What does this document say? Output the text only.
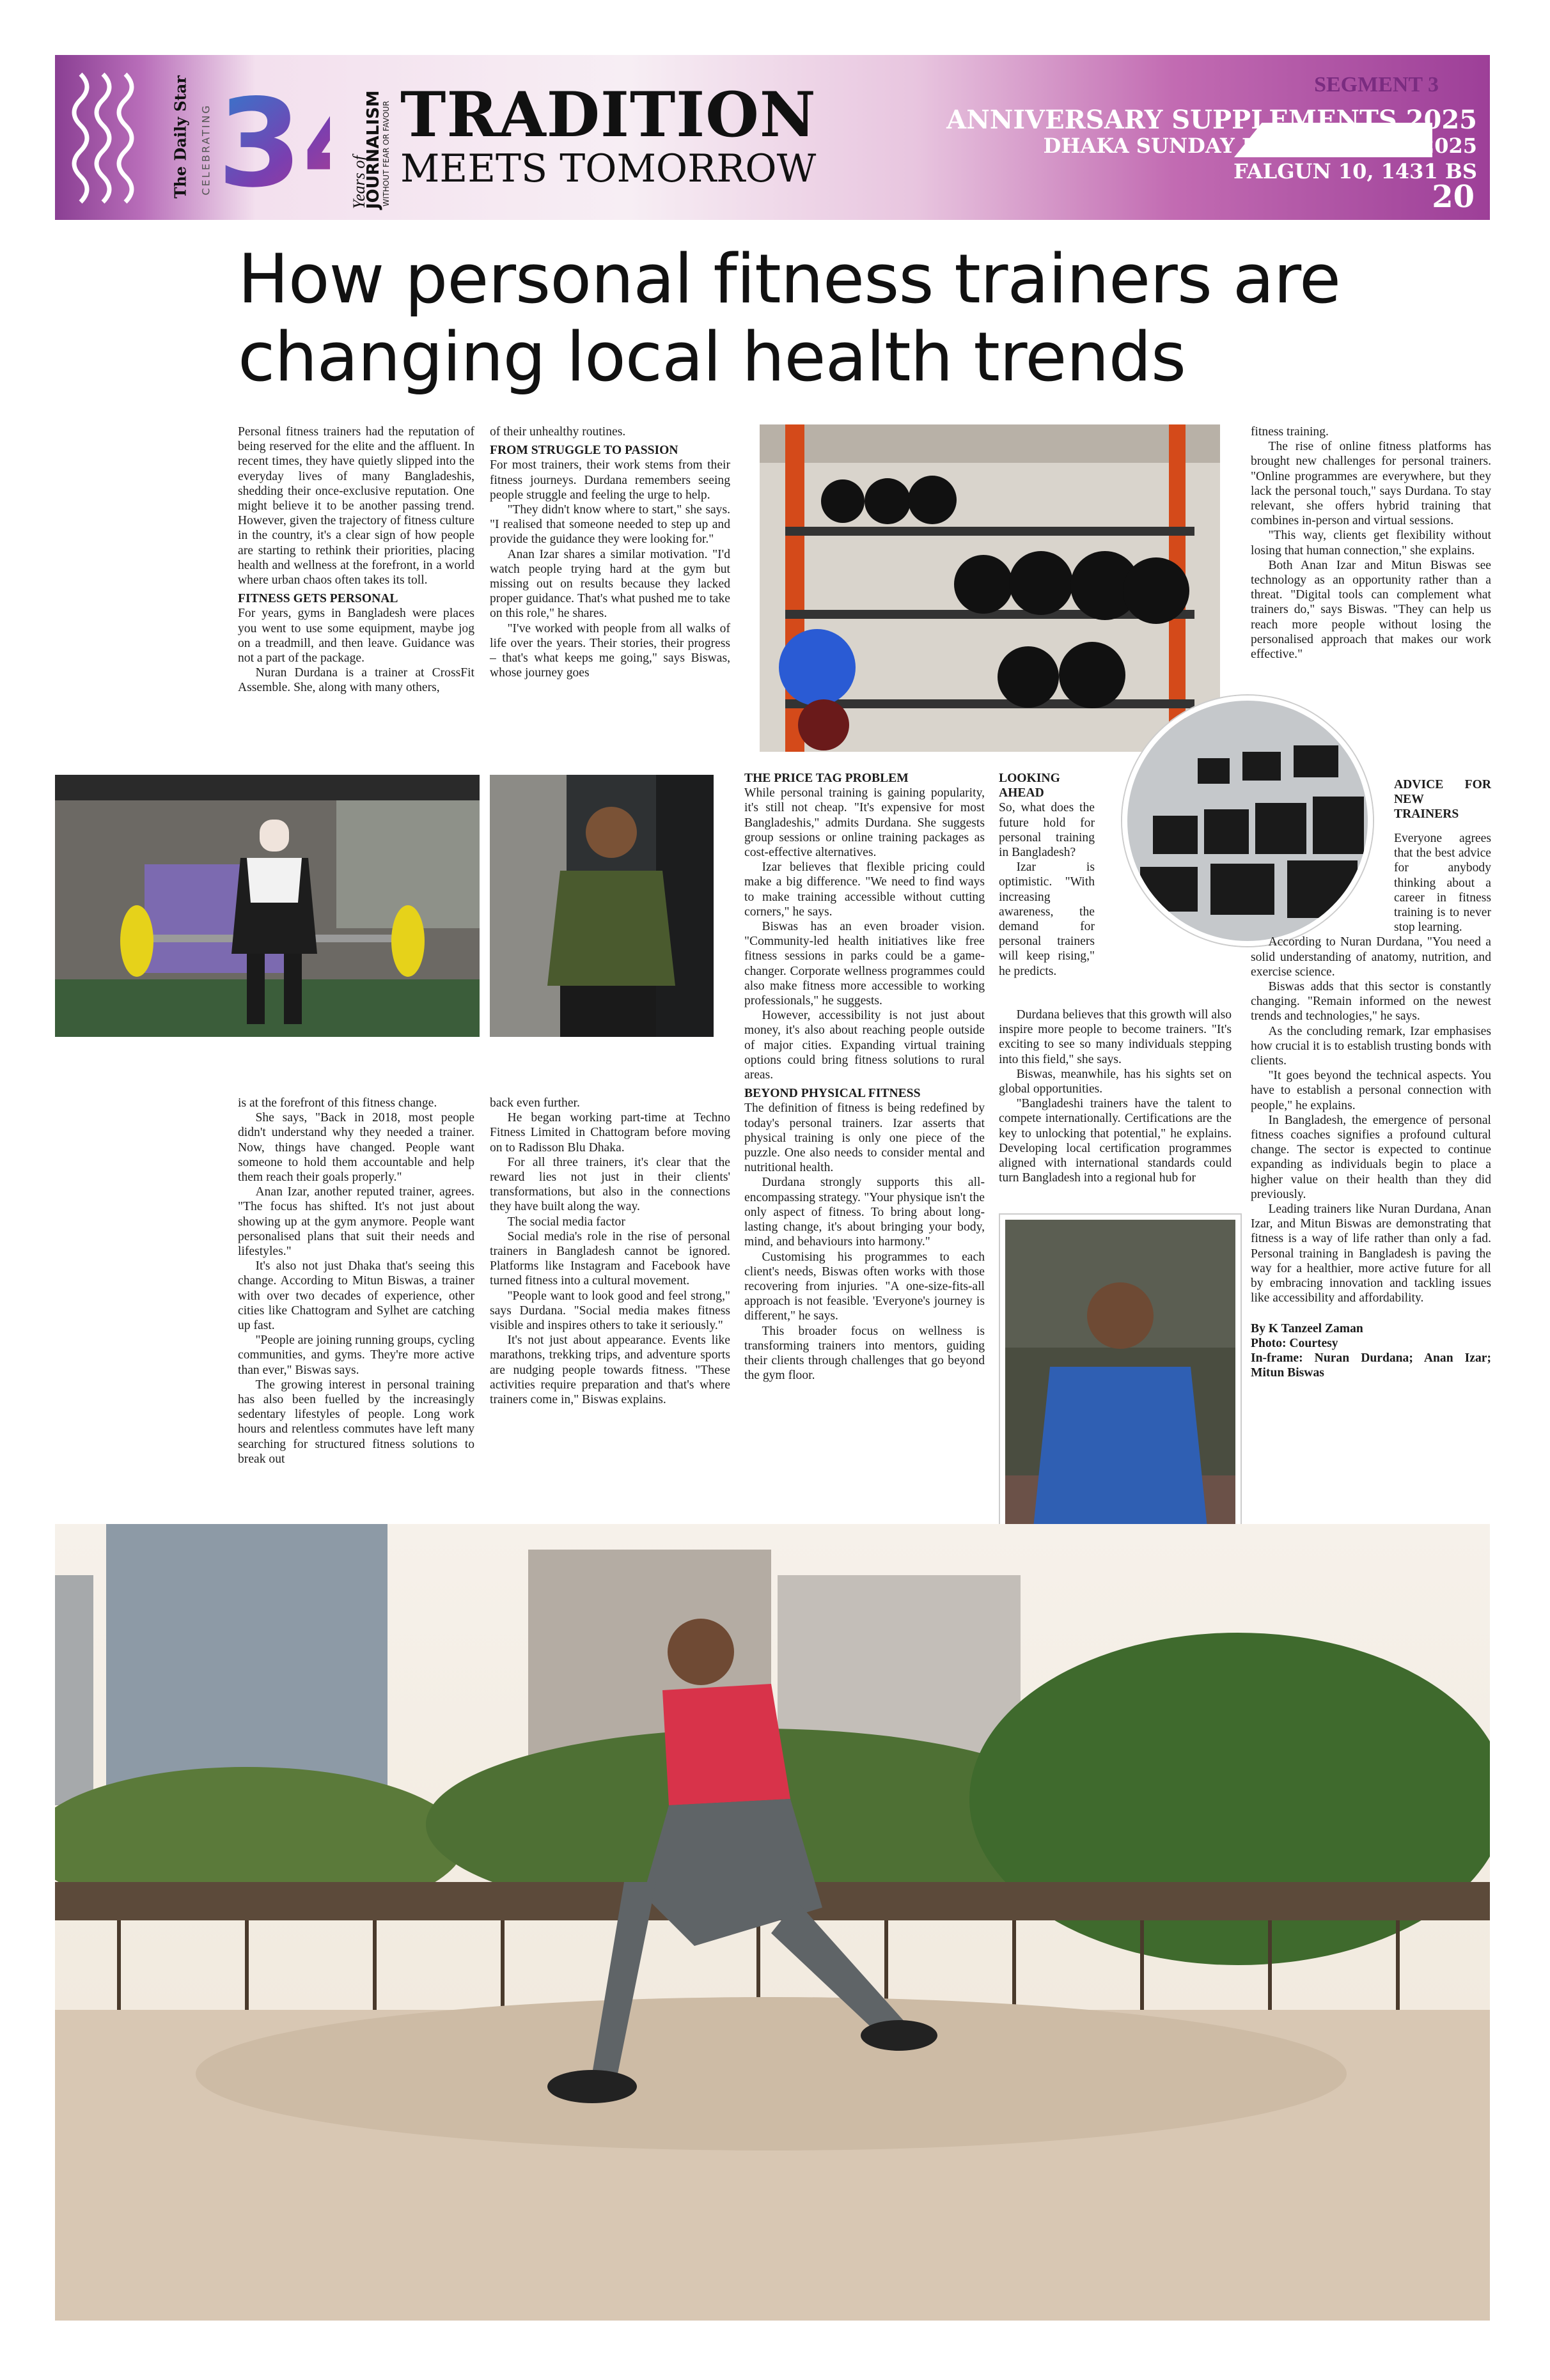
The Daily Star CELEBRATING 3	Years of
JOURNALISM
WITHOUT FEAR OR FAVOUR TRADITION
MEETS TOMORROW
SEGMENT 3
ANNIVERSARY SUPPLEMENTS 2025
DHAKA SUNDAY FEBRUARY 23, 2025
FALGUN 10, 1431 BS
20
How personal fitness trainers are changing local health trends

Personal fitness trainers had the reputation of being reserved for the elite and the affluent. In recent times, they have quietly slipped into the everyday lives of many Bangladeshis, shedding their once-exclusive reputation. One might believe it to be another passing trend. However, given the trajectory of fitness culture in the country, it's a clear sign of how people are starting to rethink their priorities, placing health and wellness at the forefront, in a world where urban chaos often takes its toll.

FITNESS GETS PERSONAL

For years, gyms in Bangladesh were places you went to use some equipment, maybe jog on a treadmill, and then leave. Guidance was not a part of the package.

Nuran Durdana is a trainer at CrossFit Assemble. She, along with many others,

of their unhealthy routines.

FROM STRUGGLE TO PASSION

For most trainers, their work stems from their fitness journeys. Durdana remembers seeing people struggle and feeling the urge to help.

"They didn't know where to start," she says. "I realised that someone needed to step up and provide the guidance they were looking for."

Anan Izar shares a similar motivation. "I'd watch people trying hard at the gym but missing out on results because they lacked proper guidance. That's what pushed me to take on this role," he shares.

"I've worked with people from all walks of life over the years. Their stories, their progress – that's what keeps me going," says Biswas, whose journey goes

is at the forefront of this fitness change.

She says, "Back in 2018, most people didn't understand why they needed a trainer. Now, things have changed. People want someone to hold them accountable and help them reach their goals properly."

Anan Izar, another reputed trainer, agrees. "The focus has shifted. It's not just about showing up at the gym anymore. People want personalised plans that suit their needs and lifestyles."

It's also not just Dhaka that's seeing this change. According to Mitun Biswas, a trainer with over two decades of experience, other cities like Chattogram and Sylhet are catching up fast.

"People are joining running groups, cycling communities, and gyms. They're more active than ever," Biswas says.

The growing interest in personal training has also been fuelled by the increasingly sedentary lifestyles of people. Long work hours and relentless commutes have left many searching for structured fitness solutions to break out

back even further.

He began working part-time at Techno Fitness Limited in Chattogram before moving on to Radisson Blu Dhaka.

For all three trainers, it's clear that the reward lies not just in their clients' transformations, but also in the connections they have built along the way.

The social media factor

Social media's role in the rise of personal trainers in Bangladesh cannot be ignored. Platforms like Instagram and Facebook have turned fitness into a cultural movement.

"People want to look good and feel strong," says Durdana. "Social media makes fitness visible and inspires others to take it seriously."

It's not just about appearance. Events like marathons, trekking trips, and adventure sports are nudging people towards fitness. "These activities require preparation and that's where trainers come in," Biswas explains.

THE PRICE TAG PROBLEM

While personal training is gaining popularity, it's still not cheap. "It's expensive for most Bangladeshis," admits Durdana. She suggests group sessions or online training packages as cost-effective alternatives.

Izar believes that flexible pricing could make a big difference. "We need to find ways to make training accessible without cutting corners," he says.

Biswas has an even broader vision. "Community-led health initiatives like free fitness sessions in parks could be a game-changer. Corporate wellness programmes could also make fitness more accessible to working professionals," he suggests.

However, accessibility is not just about money, it's also about reaching people outside of major cities. Expanding virtual training options could bring fitness solutions to rural areas.

BEYOND PHYSICAL FITNESS

The definition of fitness is being redefined by today's personal trainers. Izar asserts that physical training is only one piece of the puzzle. One also needs to consider mental and nutritional health.

Durdana strongly supports this all-encompassing strategy. "Your physique isn't the only aspect of fitness. To bring about long-lasting change, it's about bringing your body, mind, and behaviours into harmony."

Customising his programmes to each client's needs, Biswas often works with those recovering from injuries. "A one-size-fits-all approach is not feasible. 'Everyone's journey is different," he says.

This broader focus on wellness is transforming trainers into mentors, guiding their clients through challenges that go beyond the gym floor.

LOOKING AHEAD

So, what does the future hold for personal training in Bangladesh?

Izar is optimistic. "With increasing awareness, the demand for personal trainers will keep rising," he predicts.

Durdana believes that this growth will also inspire more people to become trainers. "It's exciting to see so many individuals stepping into this field," she says.

Biswas, meanwhile, has his sights set on global opportunities.

"Bangladeshi trainers have the talent to compete internationally. Certifications are the key to unlocking that potential," he explains. Developing local certification programmes aligned with international standards could turn Bangladesh into a regional hub for

fitness training.

The rise of online fitness platforms has brought new challenges for personal trainers. "Online programmes are everywhere, but they lack the personal touch," says Durdana. To stay relevant, she offers hybrid training that combines in-person and virtual sessions.

"This way, clients get flexibility without losing that human connection," she explains.

Both Anan Izar and Mitun Biswas see technology as an opportunity rather than a threat. "Digital tools can complement what trainers do," says Biswas. "They can help us reach more people without losing the personalised approach that makes our work effective."

ADVICE FOR NEW TRAINERS

Everyone agrees that the best advice for anybody thinking about a career in fitness training is to never stop learning.

According to Nuran Durdana, "You need a solid understanding of anatomy, nutrition, and exercise science.

Biswas adds that this sector is constantly changing. "Remain informed on the newest trends and technologies," he says.

As the concluding remark, Izar emphasises how crucial it is to establish trusting bonds with clients.

"It goes beyond the technical aspects. You have to establish a personal connection with people," he explains.

In Bangladesh, the emergence of personal fitness coaches signifies a profound cultural change. The sector is expected to continue expanding as individuals begin to place a higher value on their health than they did previously.

Leading trainers like Nuran Durdana, Anan Izar, and Mitun Biswas are demonstrating that fitness is a way of life rather than only a fad. Personal training in Bangladesh is paving the way for a healthier, more active future for all by embracing innovation and tackling issues like accessibility and affordability.

By K Tanzeel Zaman

Photo: Courtesy

In-frame: Nuran Durdana; Anan Izar; Mitun Biswas
